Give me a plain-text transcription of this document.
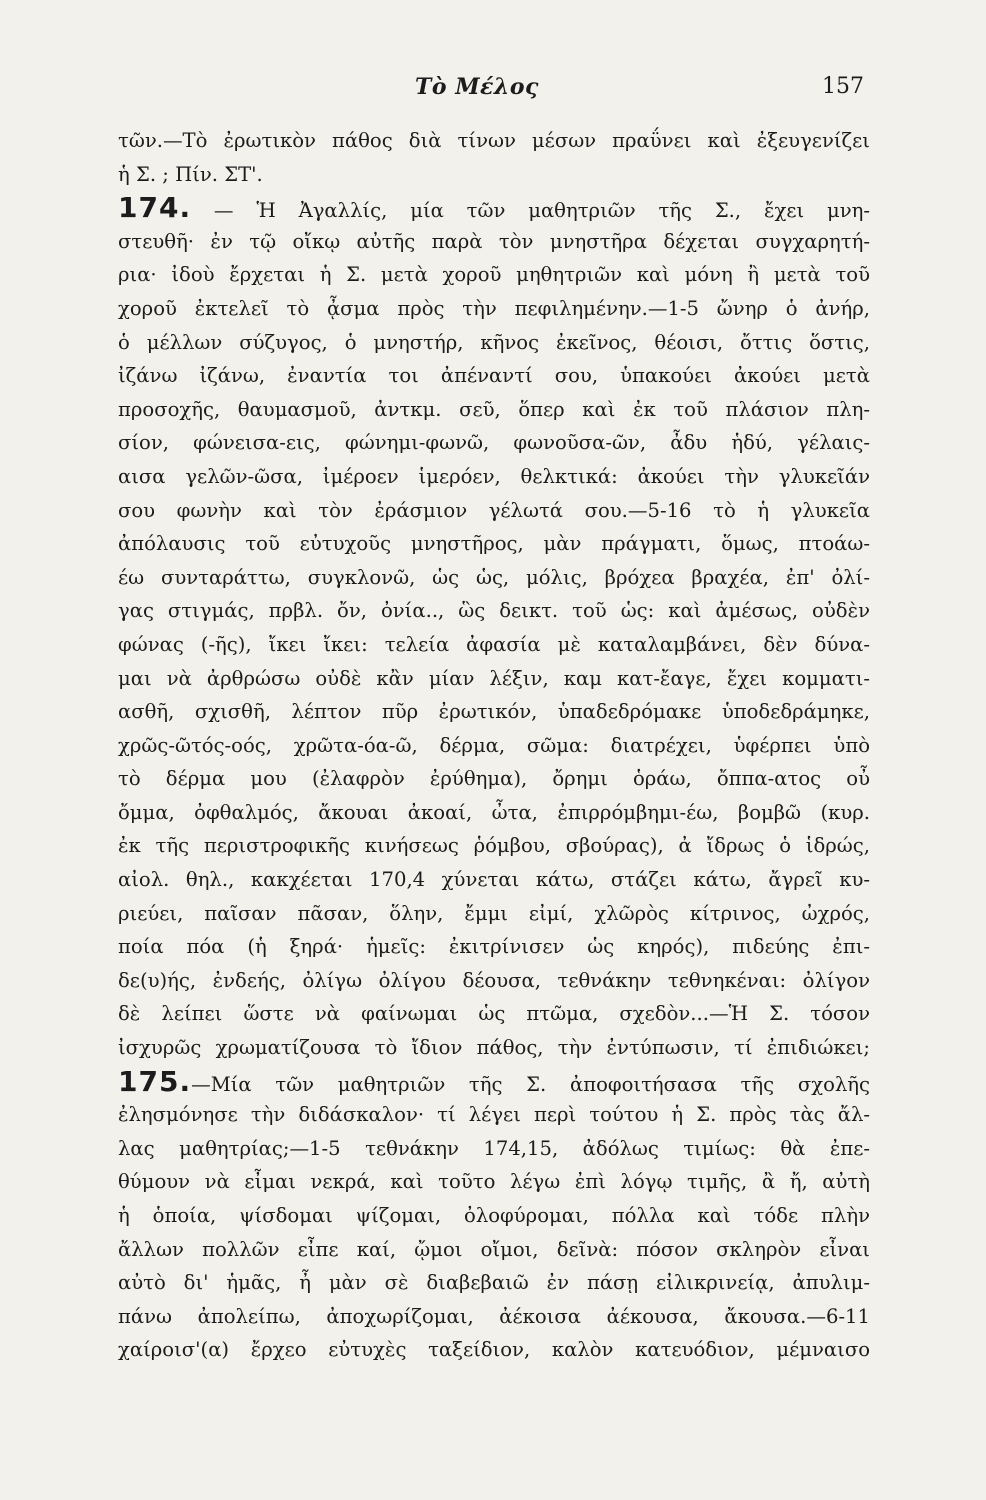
Τὸ Μέλος	157
τῶν.—Τὸ ἐρωτικὸν πάθος διὰ τίνων μέσων πραΰνει καὶ ἐξευγενίζει
ἡ Σ. ; Πίν. ΣΤ'.
174. — Ἡ Ἀγαλλίς, μία τῶν μαθητριῶν τῆς Σ., ἔχει μνη-
στευθῆ· ἐν τῷ οἴκῳ αὐτῆς παρὰ τὸν μνηστῆρα δέχεται συγχαρητή-
ρια· ἰδοὺ ἔρχεται ἡ Σ. μετὰ χοροῦ μηθητριῶν καὶ μόνη ἢ μετὰ τοῦ
χοροῦ ἐκτελεῖ τὸ ᾆσμα πρὸς τὴν πεφιλημένην.—1-5 ὤνηρ ὁ ἀνήρ,
ὁ μέλλων σύζυγος, ὁ μνηστήρ, κῆνος ἐκεῖνος, θέοισι, ὄττις ὅστις,
ἰζάνω ἰζάνω, ἐναντία τοι ἀπέναντί σου, ὑπακούει ἀκούει μετὰ
προσοχῆς, θαυμασμοῦ, ἀντκμ. σεῦ, ὅπερ καὶ ἐκ τοῦ πλάσιον πλη-
σίον, φώνεισα-εις, φώνημι-φωνῶ, φωνοῦσα-ῶν, ἆδυ ἡδύ, γέλαις-
αισα γελῶν-ῶσα, ἰμέροεν ἱμερόεν, θελκτικά: ἀκούει τὴν γλυκεῖάν
σου φωνὴν καὶ τὸν ἐράσμιον γέλωτά σου.—5-16 τὸ ἡ γλυκεῖα
ἀπόλαυσις τοῦ εὐτυχοῦς μνηστῆρος, μὰν πράγματι, ὅμως, πτοάω-
έω συνταράττω, συγκλονῶ, ὡς ὡς, μόλις, βρόχεα βραχέα, ἐπ' ὀλί-
γας στιγμάς, πρβλ. ὄν, ὀνία.., ὣς δεικτ. τοῦ ὡς: καὶ ἀμέσως, οὐδὲν
φώνας (-ῆς), ἴκει ἴκει: τελεία ἀφασία μὲ καταλαμβάνει, δὲν δύνα-
μαι νὰ ἀρθρώσω οὐδὲ κἂν μίαν λέξιν, καμ κατ-ἔαγε, ἔχει κομματι-
ασθῆ, σχισθῆ, λέπτον πῦρ ἐρωτικόν, ὑπαδεδρόμακε ὑποδεδράμηκε,
χρῶς-ῶτός-οός, χρῶτα-όα-ῶ, δέρμα, σῶμα: διατρέχει, ὑφέρπει ὑπὸ
τὸ δέρμα μου (ἐλαφρὸν ἐρύθημα), ὄρημι ὁράω, ὄππα-ατος οὖ
ὄμμα, ὀφθαλμός, ἄκουαι ἀκοαί, ὦτα, ἐπιρρόμβημι-έω, βομβῶ (κυρ.
ἐκ τῆς περιστροφικῆς κινήσεως ῥόμβου, σβούρας), ἀ ἴδρως ὁ ἱδρώς,
αἰολ. θηλ., κακχέεται 170,4 χύνεται κάτω, στάζει κάτω, ἄγρεῖ κυ-
ριεύει, παῖσαν πᾶσαν, ὅλην, ἔμμι εἰμί, χλῶρὸς κίτρινος, ὠχρός,
ποία πόα (ἡ ξηρά· ἡμεῖς: ἐκιτρίνισεν ὡς κηρός), πιδεύης ἐπι-
δε(υ)ής, ἐνδεής, ὀλίγω ὀλίγου δέουσα, τεθνάκην τεθνηκέναι: ὀλίγον
δὲ λείπει ὥστε νὰ φαίνωμαι ὡς πτῶμα, σχεδὸν...—Ἡ Σ. τόσον
ἰσχυρῶς χρωματίζουσα τὸ ἴδιον πάθος, τὴν ἐντύπωσιν, τί ἐπιδιώκει;
175.—Μία τῶν μαθητριῶν τῆς Σ. ἀποφοιτήσασα τῆς σχολῆς
ἐλησμόνησε τὴν διδάσκαλον· τί λέγει περὶ τούτου ἡ Σ. πρὸς τὰς ἄλ-
λας μαθητρίας;—1-5 τεθνάκην 174,15, ἀδόλως τιμίως: θὰ ἐπε-
θύμουν νὰ εἶμαι νεκρά, καὶ τοῦτο λέγω ἐπὶ λόγῳ τιμῆς, ἂ ἤ, αὐτὴ
ἡ ὁποία, ψίσδομαι ψίζομαι, ὀλοφύρομαι, πόλλα καὶ τόδε πλὴν
ἄλλων πολλῶν εἶπε καί, ᾤμοι οἴμοι, δεῖνὰ: πόσον σκληρὸν εἶναι
αὐτὸ δι' ἡμᾶς, ἦ μὰν σὲ διαβεβαιῶ ἐν πάσῃ εἰλικρινείᾳ, ἀπυλιμ-
πάνω ἀπολείπω, ἀποχωρίζομαι, ἀέκοισα ἀέκουσα, ἄκουσα.—6-11
χαίροισ'(α) ἔρχεο εὐτυχὲς ταξείδιον, καλὸν κατευόδιον, μέμναισο
